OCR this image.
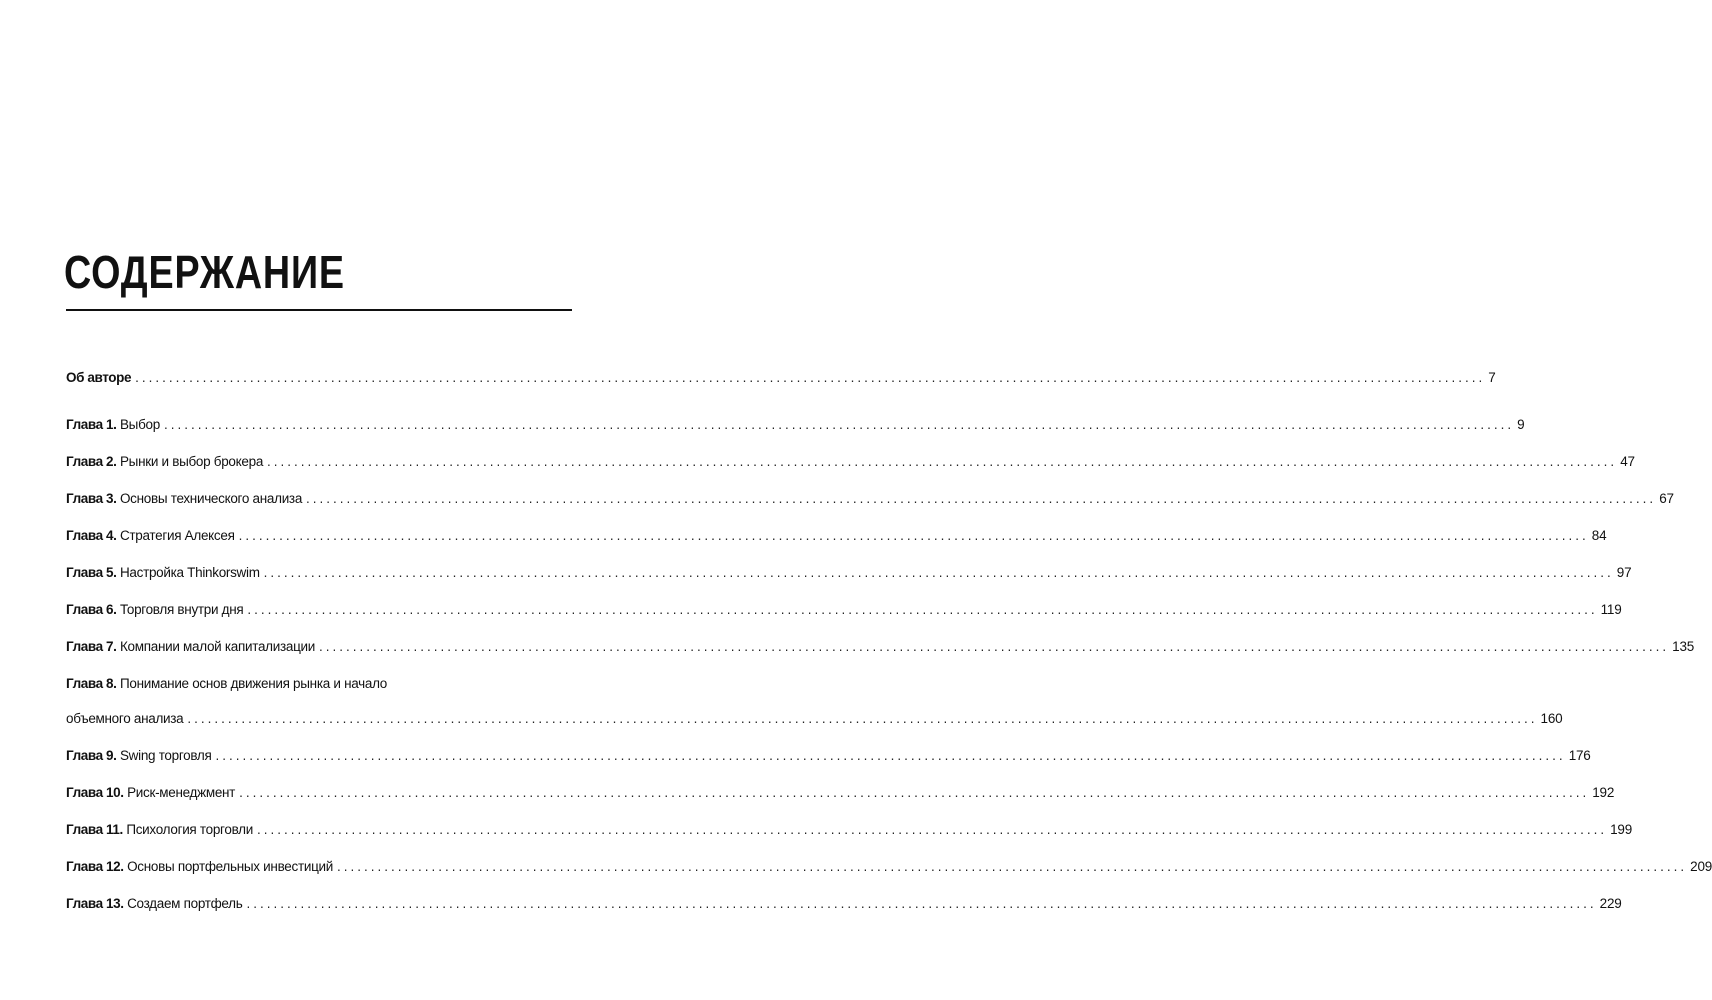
СОДЕРЖАНИЕ
Об авторе ........................................................................................................................................................................................................ 7
Глава 1. Выбор ........................................................................................................................................................................................................ 9
Глава 2. Рынки и выбор брокера ........................................................................................................................................................................................................ 47
Глава 3. Основы технического анализа ........................................................................................................................................................................................................ 67
Глава 4. Стратегия Алексея ........................................................................................................................................................................................................ 84
Глава 5. Настройка Thinkorswim ........................................................................................................................................................................................................ 97
Глава 6. Торговля внутри дня ........................................................................................................................................................................................................ 119
Глава 7. Компании малой капитализации ........................................................................................................................................................................................................ 135
Глава 8. Понимание основ движения рынка и начало
объемного анализа ........................................................................................................................................................................................................ 160
Глава 9. Swing торговля ........................................................................................................................................................................................................ 176
Глава 10. Риск-менеджмент ........................................................................................................................................................................................................ 192
Глава 11. Психология торговли ........................................................................................................................................................................................................ 199
Глава 12. Основы портфельных инвестиций ........................................................................................................................................................................................................ 209
Глава 13. Создаем портфель ........................................................................................................................................................................................................ 229
